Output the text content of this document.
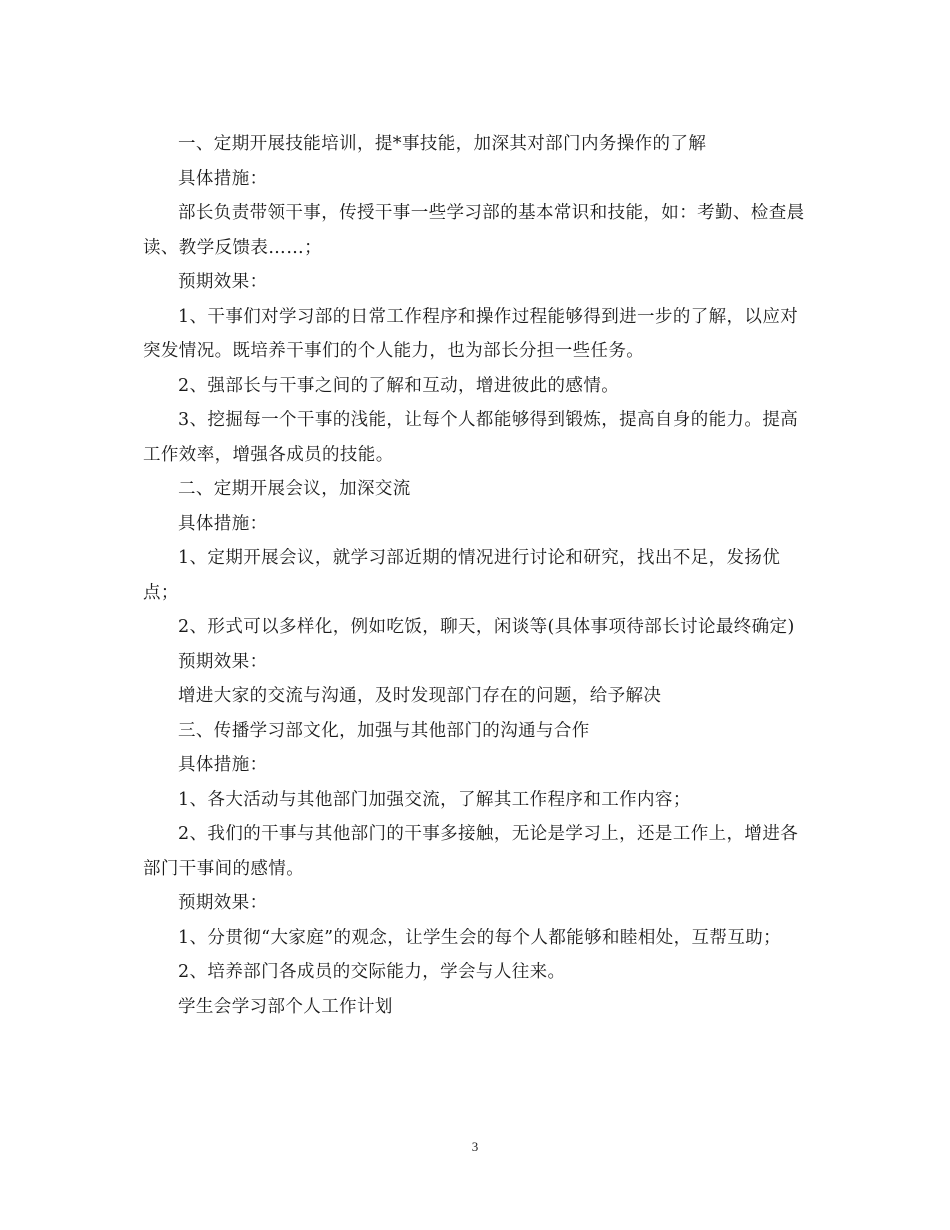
一、定期开展技能培训，提*事技能，加深其对部门内务操作的了解

具体措施：

部长负责带领干事，传授干事一些学习部的基本常识和技能，如：考勤、检查晨读、教学反馈表……；

预期效果：

1、干事们对学习部的日常工作程序和操作过程能够得到进一步的了解，以应对突发情况。既培养干事们的个人能力，也为部长分担一些任务。

2、强部长与干事之间的了解和互动，增进彼此的感情。

3、挖掘每一个干事的浅能，让每个人都能够得到锻炼，提高自身的能力。提高工作效率，增强各成员的技能。

二、定期开展会议，加深交流

具体措施：

1、定期开展会议，就学习部近期的情况进行讨论和研究，找出不足，发扬优点；

2、形式可以多样化，例如吃饭，聊天，闲谈等(具体事项待部长讨论最终确定)

预期效果：

增进大家的交流与沟通，及时发现部门存在的问题，给予解决

三、传播学习部文化，加强与其他部门的沟通与合作

具体措施：

1、各大活动与其他部门加强交流，了解其工作程序和工作内容；

2、我们的干事与其他部门的干事多接触，无论是学习上，还是工作上，增进各部门干事间的感情。

预期效果：

1、分贯彻“大家庭”的观念，让学生会的每个人都能够和睦相处，互帮互助；

2、培养部门各成员的交际能力，学会与人往来。

学生会学习部个人工作计划

3
